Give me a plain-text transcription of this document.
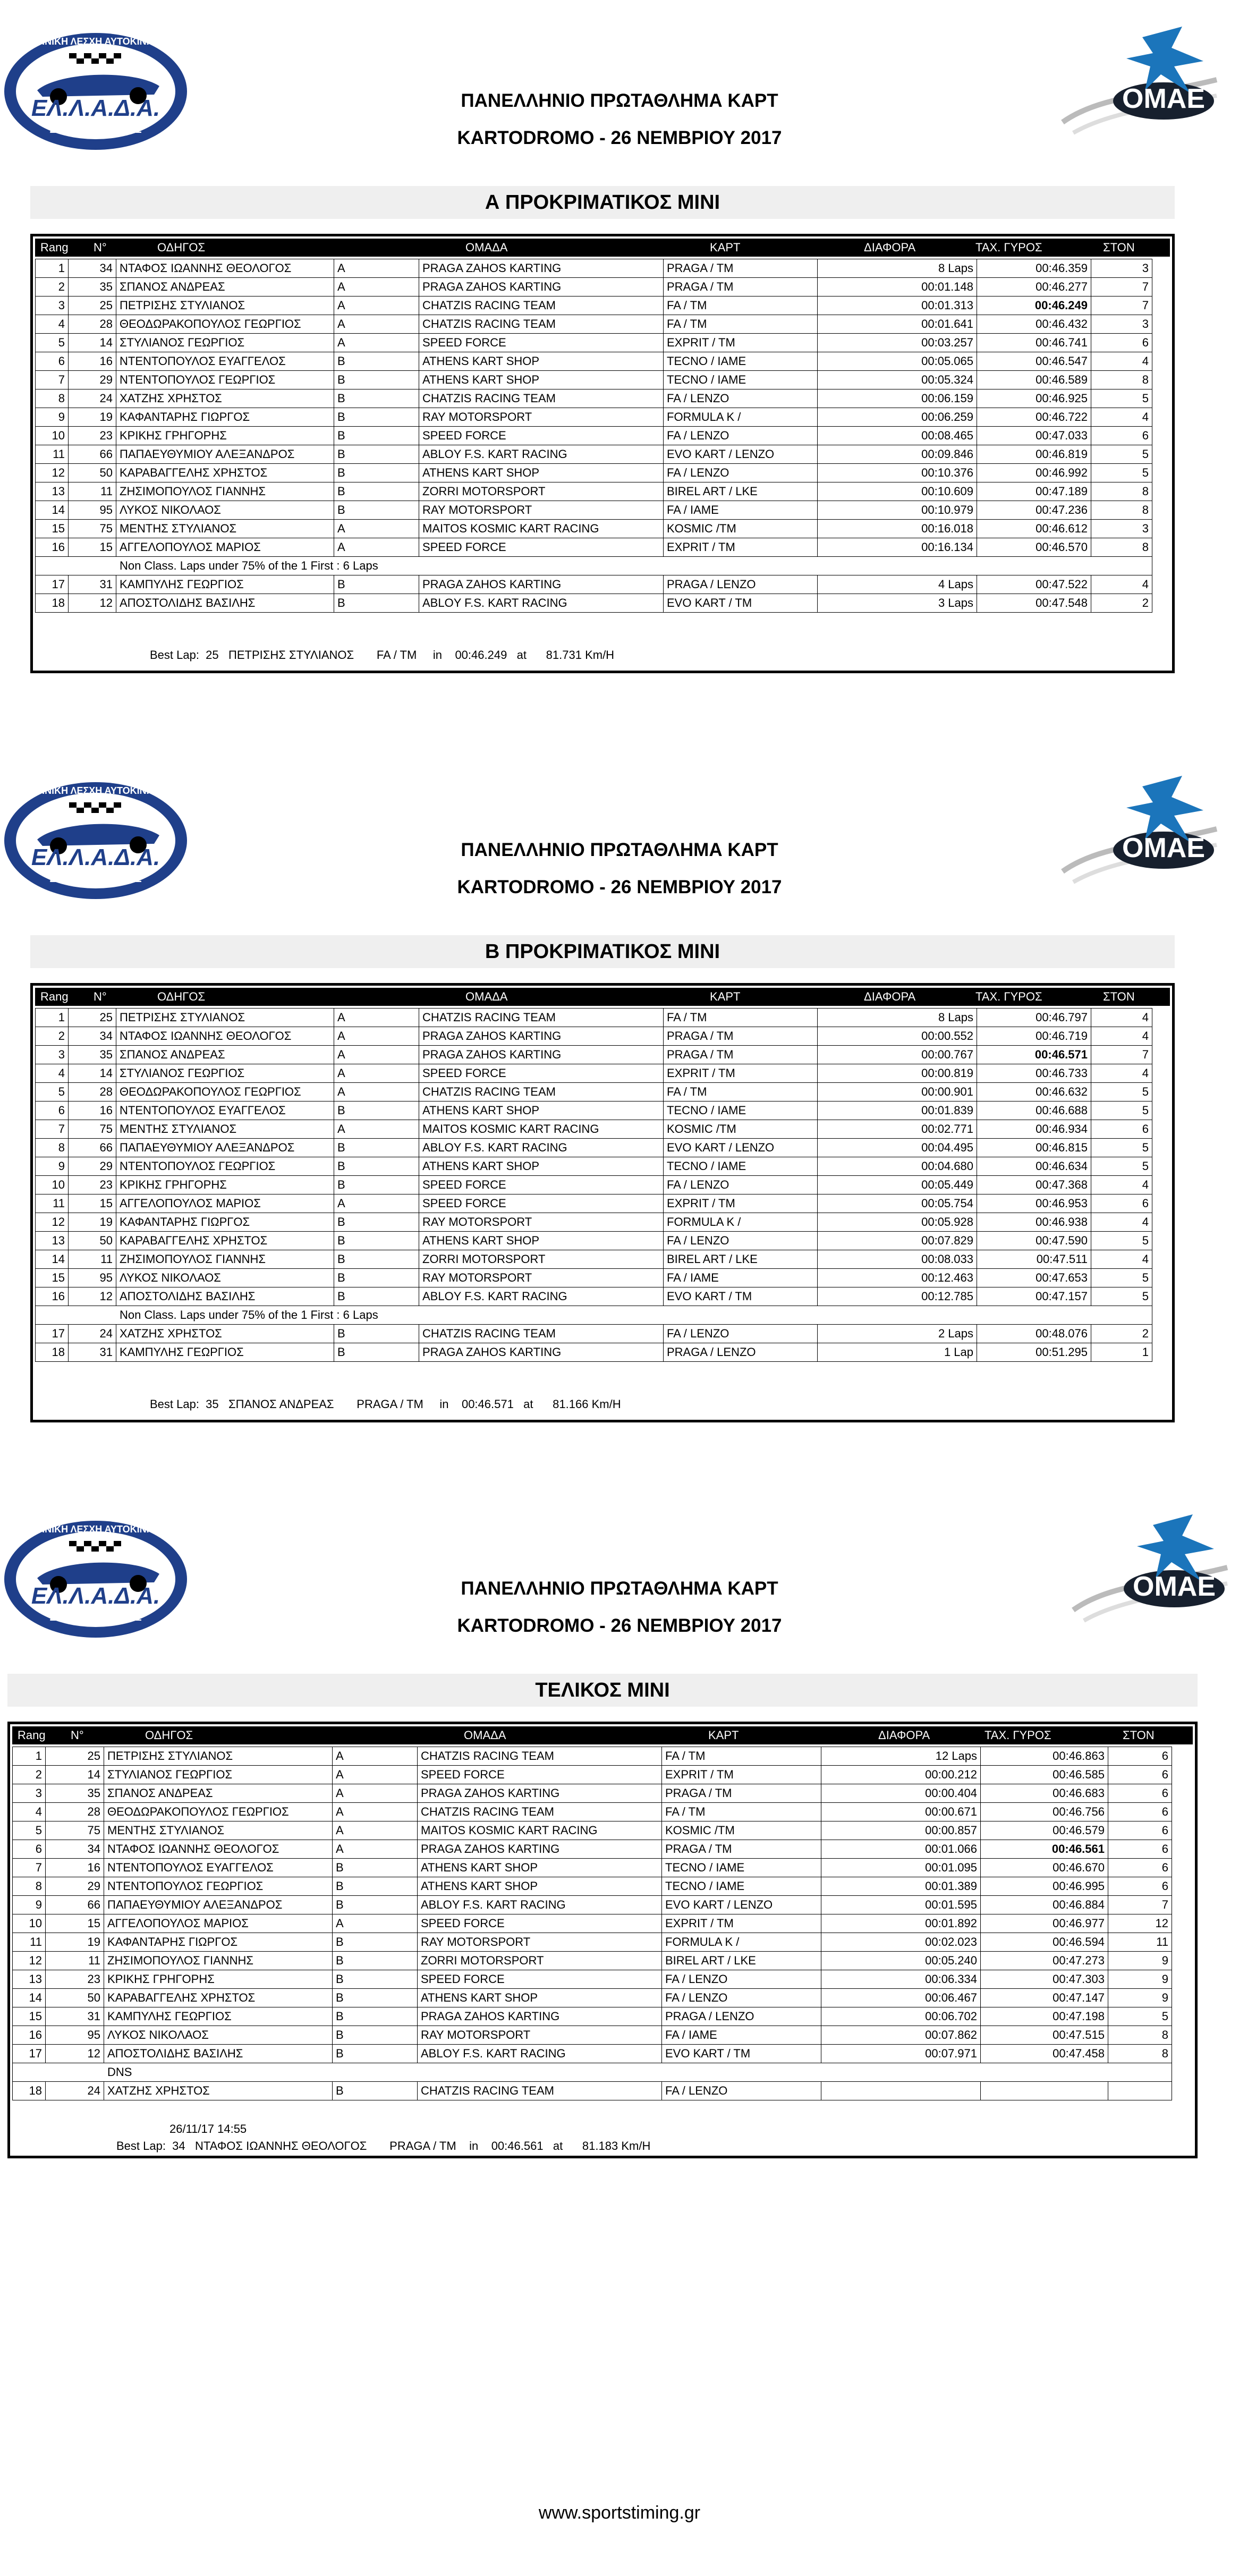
ΕΛ.Λ.Α.Δ.Α.
ΔΥΤΙΚΗΣ ΑΤΤΙΚΗΣ
ΕΛΛΗΝΙΚΗ ΛΕΣΧΗ ΑΥΤΟΚΙΝΗΤΟΥ
ΟΜΑΕ
ΠΑΝΕΛΛΗΝΙΟ ΠΡΩΤΑΘΛΗΜΑ ΚΑΡΤ
KARTODROMO - 26 ΝΕΜΒΡΙΟΥ 2017
Α ΠΡΟΚΡΙΜΑΤΙΚΟΣ ΜΙΝΙ
Rang N°	ΟΔΗΓΟΣ	ΟΜΑΔΑ	ΚΑΡΤ	ΔΙΑΦΟΡΑ	ΤΑΧ. ΓΥΡΟΣ	ΣΤΟΝ
1	34	ΝΤΑΦΟΣ ΙΩΑΝΝΗΣ ΘΕΟΛΟΓΟΣ	A	PRAGA ZAHOS KARTING	PRAGA / TM	8 Laps	00:46.359	3
2	35	ΣΠΑΝΟΣ ΑΝΔΡΕΑΣ	A	PRAGA ZAHOS KARTING	PRAGA / TM	00:01.148	00:46.277	7
3	25	ΠΕΤΡΙΣΗΣ ΣΤΥΛΙΑΝΟΣ	A	CHATZIS RACING TEAM	FA / TM	00:01.313	00:46.249	7
4	28	ΘΕΟΔΩΡΑΚΟΠΟΥΛΟΣ ΓΕΩΡΓΙΟΣ	A	CHATZIS RACING TEAM	FA / TM	00:01.641	00:46.432	3
5	14	ΣΤΥΛΙΑΝΟΣ ΓΕΩΡΓΙΟΣ	A	SPEED FORCE	EXPRIT / TM	00:03.257	00:46.741	6
6	16	ΝΤΕΝΤΟΠΟΥΛΟΣ ΕΥΑΓΓΕΛΟΣ	B	ATHENS KART SHOP	TECNO / IAME	00:05.065	00:46.547	4
7	29	ΝΤΕΝΤΟΠΟΥΛΟΣ ΓΕΩΡΓΙΟΣ	B	ATHENS KART SHOP	TECNO / IAME	00:05.324	00:46.589	8
8	24	ΧΑΤΖΗΣ ΧΡΗΣΤΟΣ	B	CHATZIS RACING TEAM	FA / LENZO	00:06.159	00:46.925	5
9	19	ΚΑΦΑΝΤΑΡΗΣ ΓΙΩΡΓΟΣ	B	RAY MOTORSPORT	FORMULA K /	00:06.259	00:46.722	4
10	23	ΚΡΙΚΗΣ ΓΡΗΓΟΡΗΣ	B	SPEED FORCE	FA / LENZO	00:08.465	00:47.033	6
11	66	ΠΑΠΑΕΥΘΥΜΙΟΥ ΑΛΕΞΑΝΔΡΟΣ	B	ABLOY F.S. KART RACING	EVO KART / LENZO	00:09.846	00:46.819	5
12	50	ΚΑΡΑΒΑΓΓΕΛΗΣ ΧΡΗΣΤΟΣ	B	ATHENS KART SHOP	FA / LENZO	00:10.376	00:46.992	5
13	11	ΖΗΣΙΜΟΠΟΥΛΟΣ ΓΙΑΝΝΗΣ	B	ZORRI MOTORSPORT	BIREL ART / LKE	00:10.609	00:47.189	8
14	95	ΛΥΚΟΣ ΝΙΚΟΛΑΟΣ	B	RAY MOTORSPORT	FA / IAME	00:10.979	00:47.236	8
15	75	ΜΕΝΤΗΣ ΣΤΥΛΙΑΝΟΣ	A	MAITOS KOSMIC KART RACING	KOSMIC /TM	00:16.018	00:46.612	3
16	15	ΑΓΓΕΛΟΠΟΥΛΟΣ ΜΑΡΙΟΣ	A	SPEED FORCE	EXPRIT / TM	00:16.134	00:46.570	8
Non Class. Laps under 75% of the 1 First : 6 Laps								
17	31	ΚΑΜΠΥΛΗΣ ΓΕΩΡΓΙΟΣ	B	PRAGA ZAHOS KARTING	PRAGA / LENZO	4 Laps	00:47.522	4
18	12	ΑΠΟΣΤΟΛΙΔΗΣ ΒΑΣΙΛΗΣ	B	ABLOY F.S. KART RACING	EVO KART / TM	3 Laps	00:47.548	2
Best Lap:  25   ΠΕΤΡΙΣΗΣ ΣΤΥΛΙΑΝΟΣ       FA / TM     in    00:46.249   at      81.731 Km/H
ΕΛ.Λ.Α.Δ.Α.
ΔΥΤΙΚΗΣ ΑΤΤΙΚΗΣ
ΕΛΛΗΝΙΚΗ ΛΕΣΧΗ ΑΥΤΟΚΙΝΗΤΟΥ
ΟΜΑΕ
ΠΑΝΕΛΛΗΝΙΟ ΠΡΩΤΑΘΛΗΜΑ ΚΑΡΤ
KARTODROMO - 26 ΝΕΜΒΡΙΟΥ 2017
Β ΠΡΟΚΡΙΜΑΤΙΚΟΣ ΜΙΝΙ
Rang N°	ΟΔΗΓΟΣ	ΟΜΑΔΑ	ΚΑΡΤ	ΔΙΑΦΟΡΑ	ΤΑΧ. ΓΥΡΟΣ	ΣΤΟΝ
1	25	ΠΕΤΡΙΣΗΣ ΣΤΥΛΙΑΝΟΣ	A	CHATZIS RACING TEAM	FA / TM	8 Laps	00:46.797	4
2	34	ΝΤΑΦΟΣ ΙΩΑΝΝΗΣ ΘΕΟΛΟΓΟΣ	A	PRAGA ZAHOS KARTING	PRAGA / TM	00:00.552	00:46.719	4
3	35	ΣΠΑΝΟΣ ΑΝΔΡΕΑΣ	A	PRAGA ZAHOS KARTING	PRAGA / TM	00:00.767	00:46.571	7
4	14	ΣΤΥΛΙΑΝΟΣ ΓΕΩΡΓΙΟΣ	A	SPEED FORCE	EXPRIT / TM	00:00.819	00:46.733	4
5	28	ΘΕΟΔΩΡΑΚΟΠΟΥΛΟΣ ΓΕΩΡΓΙΟΣ	A	CHATZIS RACING TEAM	FA / TM	00:00.901	00:46.632	5
6	16	ΝΤΕΝΤΟΠΟΥΛΟΣ ΕΥΑΓΓΕΛΟΣ	B	ATHENS KART SHOP	TECNO / IAME	00:01.839	00:46.688	5
7	75	ΜΕΝΤΗΣ ΣΤΥΛΙΑΝΟΣ	A	MAITOS KOSMIC KART RACING	KOSMIC /TM	00:02.771	00:46.934	6
8	66	ΠΑΠΑΕΥΘΥΜΙΟΥ ΑΛΕΞΑΝΔΡΟΣ	B	ABLOY F.S. KART RACING	EVO KART / LENZO	00:04.495	00:46.815	5
9	29	ΝΤΕΝΤΟΠΟΥΛΟΣ ΓΕΩΡΓΙΟΣ	B	ATHENS KART SHOP	TECNO / IAME	00:04.680	00:46.634	5
10	23	ΚΡΙΚΗΣ ΓΡΗΓΟΡΗΣ	B	SPEED FORCE	FA / LENZO	00:05.449	00:47.368	4
11	15	ΑΓΓΕΛΟΠΟΥΛΟΣ ΜΑΡΙΟΣ	A	SPEED FORCE	EXPRIT / TM	00:05.754	00:46.953	6
12	19	ΚΑΦΑΝΤΑΡΗΣ ΓΙΩΡΓΟΣ	B	RAY MOTORSPORT	FORMULA K /	00:05.928	00:46.938	4
13	50	ΚΑΡΑΒΑΓΓΕΛΗΣ ΧΡΗΣΤΟΣ	B	ATHENS KART SHOP	FA / LENZO	00:07.829	00:47.590	5
14	11	ΖΗΣΙΜΟΠΟΥΛΟΣ ΓΙΑΝΝΗΣ	B	ZORRI MOTORSPORT	BIREL ART / LKE	00:08.033	00:47.511	4
15	95	ΛΥΚΟΣ ΝΙΚΟΛΑΟΣ	B	RAY MOTORSPORT	FA / IAME	00:12.463	00:47.653	5
16	12	ΑΠΟΣΤΟΛΙΔΗΣ ΒΑΣΙΛΗΣ	B	ABLOY F.S. KART RACING	EVO KART / TM	00:12.785	00:47.157	5
Non Class. Laps under 75% of the 1 First : 6 Laps								
17	24	ΧΑΤΖΗΣ ΧΡΗΣΤΟΣ	B	CHATZIS RACING TEAM	FA / LENZO	2 Laps	00:48.076	2
18	31	ΚΑΜΠΥΛΗΣ ΓΕΩΡΓΙΟΣ	B	PRAGA ZAHOS KARTING	PRAGA / LENZO	1 Lap	00:51.295	1
Best Lap:  35   ΣΠΑΝΟΣ ΑΝΔΡΕΑΣ       PRAGA / TM     in    00:46.571   at      81.166 Km/H
ΕΛ.Λ.Α.Δ.Α.
ΔΥΤΙΚΗΣ ΑΤΤΙΚΗΣ
ΕΛΛΗΝΙΚΗ ΛΕΣΧΗ ΑΥΤΟΚΙΝΗΤΟΥ
ΟΜΑΕ
ΠΑΝΕΛΛΗΝΙΟ ΠΡΩΤΑΘΛΗΜΑ ΚΑΡΤ
KARTODROMO - 26 ΝΕΜΒΡΙΟΥ 2017
ΤΕΛΙΚΟΣ ΜΙΝΙ
Rang N°	ΟΔΗΓΟΣ	ΟΜΑΔΑ	ΚΑΡΤ	ΔΙΑΦΟΡΑ	ΤΑΧ. ΓΥΡΟΣ	ΣΤΟΝ
1	25	ΠΕΤΡΙΣΗΣ ΣΤΥΛΙΑΝΟΣ	A	CHATZIS RACING TEAM	FA / TM	12 Laps	00:46.863	6
2	14	ΣΤΥΛΙΑΝΟΣ ΓΕΩΡΓΙΟΣ	A	SPEED FORCE	EXPRIT / TM	00:00.212	00:46.585	6
3	35	ΣΠΑΝΟΣ ΑΝΔΡΕΑΣ	A	PRAGA ZAHOS KARTING	PRAGA / TM	00:00.404	00:46.683	6
4	28	ΘΕΟΔΩΡΑΚΟΠΟΥΛΟΣ ΓΕΩΡΓΙΟΣ	A	CHATZIS RACING TEAM	FA / TM	00:00.671	00:46.756	6
5	75	ΜΕΝΤΗΣ ΣΤΥΛΙΑΝΟΣ	A	MAITOS KOSMIC KART RACING	KOSMIC /TM	00:00.857	00:46.579	6
6	34	ΝΤΑΦΟΣ ΙΩΑΝΝΗΣ ΘΕΟΛΟΓΟΣ	A	PRAGA ZAHOS KARTING	PRAGA / TM	00:01.066	00:46.561	6
7	16	ΝΤΕΝΤΟΠΟΥΛΟΣ ΕΥΑΓΓΕΛΟΣ	B	ATHENS KART SHOP	TECNO / IAME	00:01.095	00:46.670	6
8	29	ΝΤΕΝΤΟΠΟΥΛΟΣ ΓΕΩΡΓΙΟΣ	B	ATHENS KART SHOP	TECNO / IAME	00:01.389	00:46.995	6
9	66	ΠΑΠΑΕΥΘΥΜΙΟΥ ΑΛΕΞΑΝΔΡΟΣ	B	ABLOY F.S. KART RACING	EVO KART / LENZO	00:01.595	00:46.884	7
10	15	ΑΓΓΕΛΟΠΟΥΛΟΣ ΜΑΡΙΟΣ	A	SPEED FORCE	EXPRIT / TM	00:01.892	00:46.977	12
11	19	ΚΑΦΑΝΤΑΡΗΣ ΓΙΩΡΓΟΣ	B	RAY MOTORSPORT	FORMULA K /	00:02.023	00:46.594	11
12	11	ΖΗΣΙΜΟΠΟΥΛΟΣ ΓΙΑΝΝΗΣ	B	ZORRI MOTORSPORT	BIREL ART / LKE	00:05.240	00:47.273	9
13	23	ΚΡΙΚΗΣ ΓΡΗΓΟΡΗΣ	B	SPEED FORCE	FA / LENZO	00:06.334	00:47.303	9
14	50	ΚΑΡΑΒΑΓΓΕΛΗΣ ΧΡΗΣΤΟΣ	B	ATHENS KART SHOP	FA / LENZO	00:06.467	00:47.147	9
15	31	ΚΑΜΠΥΛΗΣ ΓΕΩΡΓΙΟΣ	B	PRAGA ZAHOS KARTING	PRAGA / LENZO	00:06.702	00:47.198	5
16	95	ΛΥΚΟΣ ΝΙΚΟΛΑΟΣ	B	RAY MOTORSPORT	FA / IAME	00:07.862	00:47.515	8
17	12	ΑΠΟΣΤΟΛΙΔΗΣ ΒΑΣΙΛΗΣ	B	ABLOY F.S. KART RACING	EVO KART / TM	00:07.971	00:47.458	8
DNS								
18	24	ΧΑΤΖΗΣ ΧΡΗΣΤΟΣ	B	CHATZIS RACING TEAM	FA / LENZO			
26/11/17 14:55
Best Lap:  34   ΝΤΑΦΟΣ ΙΩΑΝΝΗΣ ΘΕΟΛΟΓΟΣ       PRAGA / TM    in    00:46.561   at      81.183 Km/H
www.sportstiming.gr
